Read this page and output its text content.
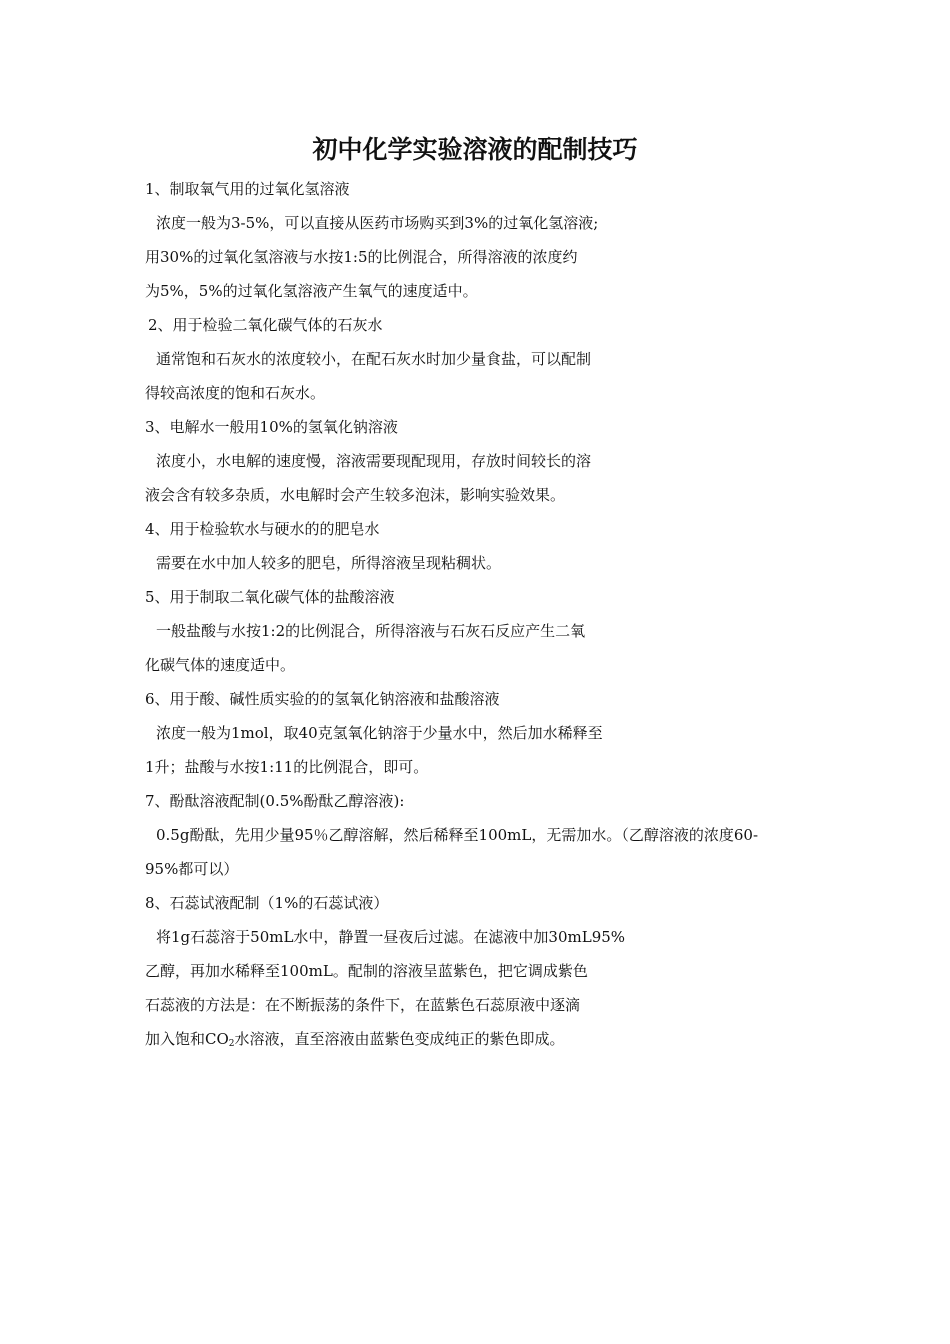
初中化学实验溶液的配制技巧
1、制取氧气用的过氧化氢溶液
浓度一般为3-5%，可以直接从医药市场购买到3%的过氧化氢溶液;
用30%的过氧化氢溶液与水按1:5的比例混合，所得溶液的浓度约
为5%，5%的过氧化氢溶液产生氧气的速度适中。
2、用于检验二氧化碳气体的石灰水
通常饱和石灰水的浓度较小，在配石灰水时加少量食盐，可以配制
得较高浓度的饱和石灰水。
3、电解水一般用10%的氢氧化钠溶液
浓度小，水电解的速度慢，溶液需要现配现用，存放时间较长的溶
液会含有较多杂质，水电解时会产生较多泡沫，影响实验效果。
4、用于检验软水与硬水的的肥皂水
需要在水中加人较多的肥皂，所得溶液呈现粘稠状。
5、用于制取二氧化碳气体的盐酸溶液
一般盐酸与水按1:2的比例混合，所得溶液与石灰石反应产生二氧
化碳气体的速度适中。
6、用于酸、碱性质实验的的氢氧化钠溶液和盐酸溶液
浓度一般为1mol，取40克氢氧化钠溶于少量水中，然后加水稀释至
1升；盐酸与水按1:11的比例混合，即可。
7、酚酞溶液配制(0.5%酚酞乙醇溶液):
0.5g酚酞，先用少量95％乙醇溶解，然后稀释至100mL，无需加水。（乙醇溶液的浓度60-
95%都可以）
8、石蕊试液配制（1%的石蕊试液）
将1g石蕊溶于50mL水中，静置一昼夜后过滤。在滤液中加30mL95%
乙醇，再加水稀释至100mL。配制的溶液呈蓝紫色，把它调成紫色
石蕊液的方法是：在不断振荡的条件下，在蓝紫色石蕊原液中逐滴
加入饱和$CO_2$水溶液，直至溶液由蓝紫色变成纯正的紫色即成。
